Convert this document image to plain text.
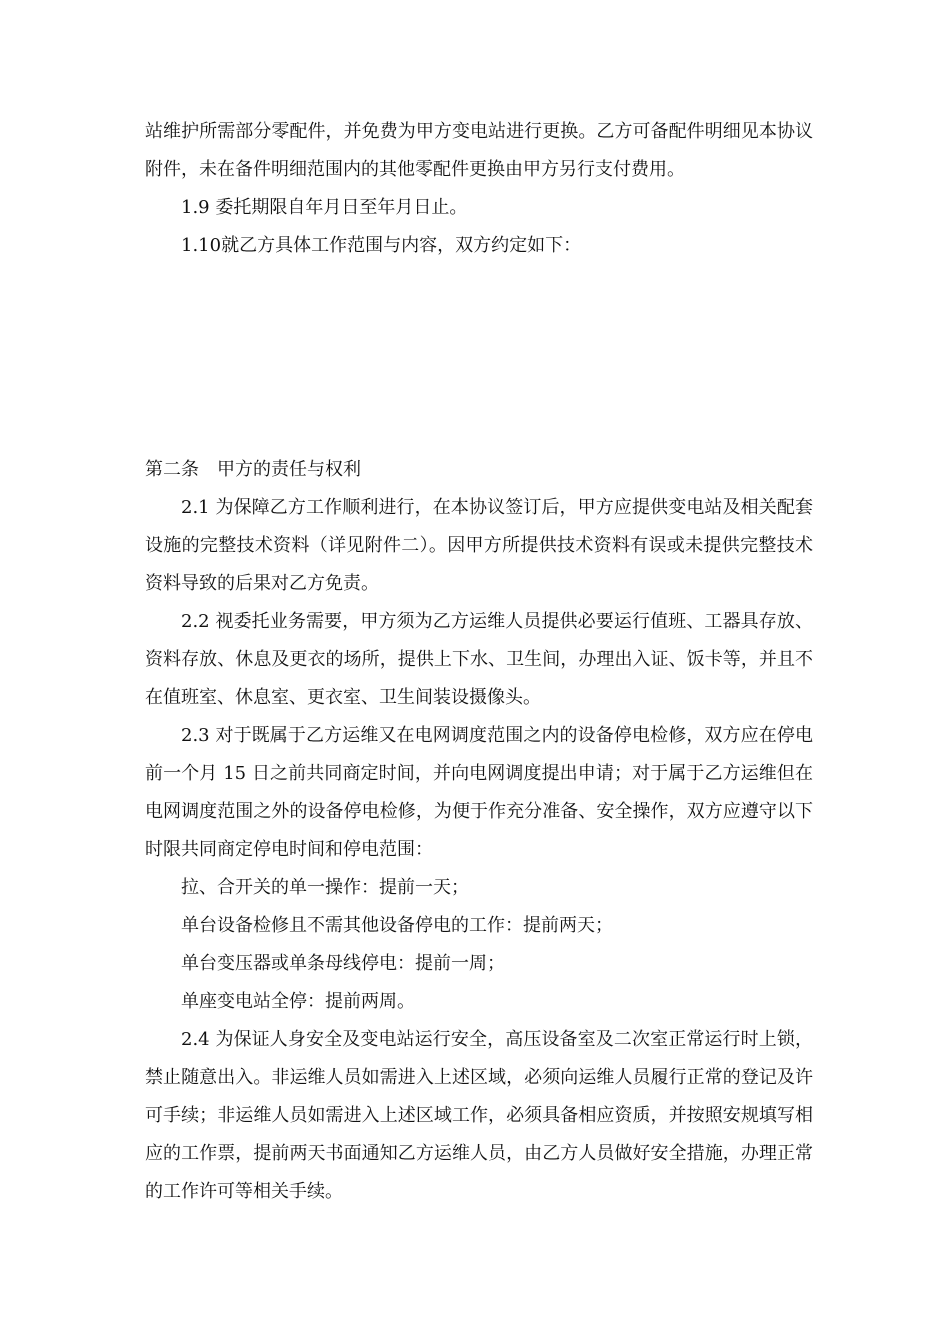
站维护所需部分零配件，并免费为甲方变电站进行更换。乙方可备配件明细见本协议附件，未在备件明细范围内的其他零配件更换由甲方另行支付费用。

1.9 委托期限自年月日至年月日止。

1.10就乙方具体工作范围与内容，双方约定如下：

第二条　甲方的责任与权利

2.1 为保障乙方工作顺利进行，在本协议签订后，甲方应提供变电站及相关配套设施的完整技术资料（详见附件二）。因甲方所提供技术资料有误或未提供完整技术资料导致的后果对乙方免责。

2.2 视委托业务需要，甲方须为乙方运维人员提供必要运行值班、工器具存放、资料存放、休息及更衣的场所，提供上下水、卫生间，办理出入证、饭卡等，并且不在值班室、休息室、更衣室、卫生间装设摄像头。

2.3 对于既属于乙方运维又在电网调度范围之内的设备停电检修，双方应在停电前一个月 15 日之前共同商定时间，并向电网调度提出申请；对于属于乙方运维但在电网调度范围之外的设备停电检修，为便于作充分准备、安全操作，双方应遵守以下时限共同商定停电时间和停电范围：

拉、合开关的单一操作：提前一天；

单台设备检修且不需其他设备停电的工作：提前两天；

单台变压器或单条母线停电：提前一周；

单座变电站全停：提前两周。

2.4 为保证人身安全及变电站运行安全，高压设备室及二次室正常运行时上锁，禁止随意出入。非运维人员如需进入上述区域，必须向运维人员履行正常的登记及许可手续；非运维人员如需进入上述区域工作，必须具备相应资质，并按照安规填写相应的工作票，提前两天书面通知乙方运维人员，由乙方人员做好安全措施，办理正常的工作许可等相关手续。
